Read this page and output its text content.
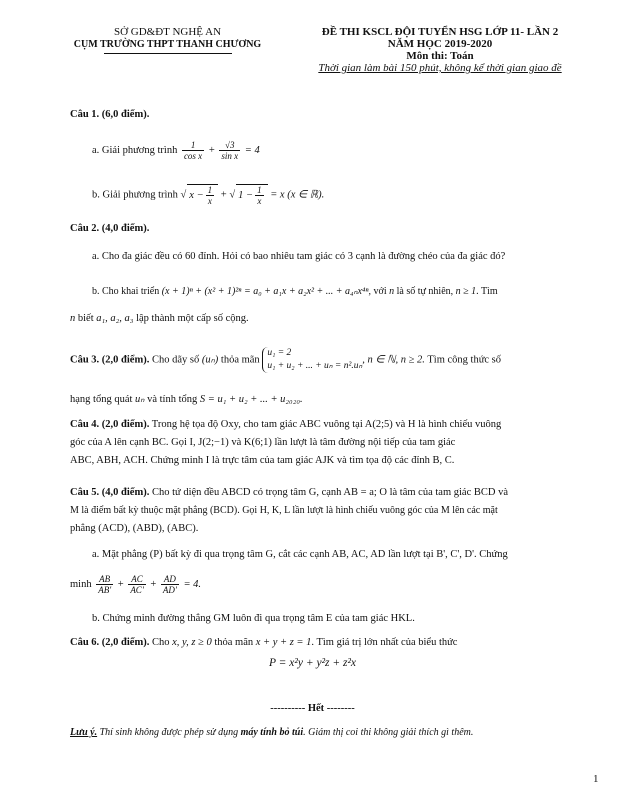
SỞ GD&ĐT NGHỆ AN
CỤM TRƯỜNG THPT THANH CHƯƠNG
ĐỀ THI KSCL ĐỘI TUYỂN HSG LỚP 11- LẦN 2
NĂM HỌC 2019-2020
Môn thi: Toán
Thời gian làm bài 150 phút, không kể thời gian giao đề
Câu 1. (6,0 điểm).
a. Giải phương trình $\frac{1}{\text{cos x}} + \frac{√3}{\text{sin x}} = 4$
b. Giải phương trình √ $x - \frac{1}{x}$ + √ $1 - \frac{1}{x} = x$ (x ∈ ℝ).
Câu 2. (4,0 điểm).
a. Cho đa giác đều có 60 đỉnh. Hỏi có bao nhiêu tam giác có 3 cạnh là đường chéo của đa giác đó?
b. Cho khai triển (x + 1)ⁿ + (x² + 1)²ⁿ = a₀ + a₁x + a₂x² + ... + a₄ₙx⁴ⁿ, với n là số tự nhiên, n ≥ 1. Tìm
n biết a₁, a₂, a₃ lập thành một cấp số cộng.
Câu 3. (2,0 điểm). Cho dãy số (uₙ) thỏa mãn
u₁ = 2
u₁ + u₂ + ... + uₙ = n².uₙ
, n ∈ ℕ, n ≥ 2. Tìm công thức số
hạng tổng quát uₙ và tính tổng S = u₁ + u₂ + ... + u₂₀₂₀.
Câu 4. (2,0 điểm). Trong hệ tọa độ Oxy, cho tam giác ABC vuông tại A(2;5) và H là hình chiếu vuông
góc của A lên cạnh BC. Gọi I, J(2;−1) và K(6;1) lần lượt là tâm đường nội tiếp của tam giác
ABC, ABH, ACH. Chứng minh I là trực tâm của tam giác AJK và tìm tọa độ các đỉnh B, C.
Câu 5. (4,0 điểm). Cho tứ diện đều ABCD có trọng tâm G, cạnh AB = a; O là tâm của tam giác BCD và
M là điểm bất kỳ thuộc mặt phẳng (BCD). Gọi H, K, L lần lượt là hình chiếu vuông góc của M lên các mặt
phẳng (ACD), (ABD), (ABC).
a. Mặt phẳng (P) bất kỳ đi qua trọng tâm G, cắt các cạnh AB, AC, AD lần lượt tại B', C', D'. Chứng
minh $\frac{AB}{AB'} + \frac{AC}{AC'} + \frac{AD}{AD'} = 4$.
b. Chứng minh đường thẳng GM luôn đi qua trọng tâm E của tam giác HKL.
Câu 6. (2,0 điểm). Cho x, y, z ≥ 0 thỏa mãn x + y + z = 1. Tìm giá trị lớn nhất của biểu thức
P = x²y + y²z + z²x
---------- Hết --------
Lưu ý. Thí sinh không được phép sử dụng máy tính bỏ túi. Giám thị coi thi không giải thích gì thêm.
1
